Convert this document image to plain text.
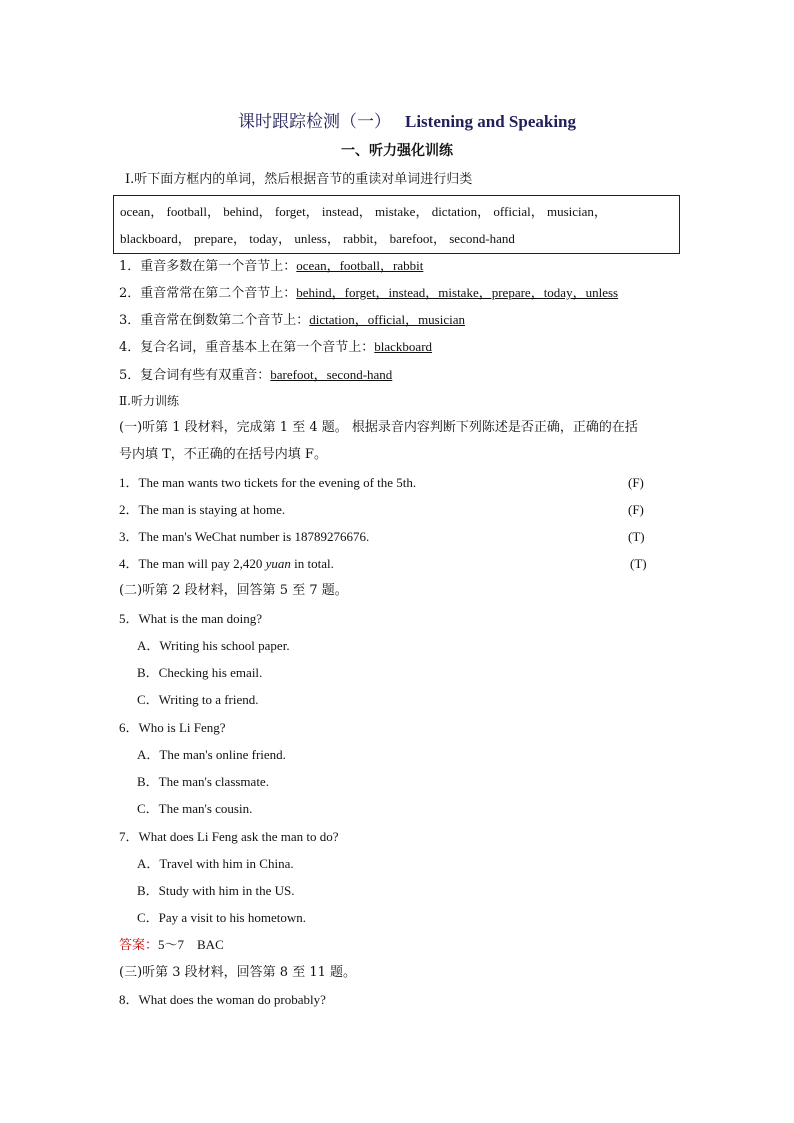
课时跟踪检测（一） Listening and Speaking
一、听力强化训练
Ⅰ.听下面方框内的单词，然后根据音节的重读对单词进行归类
ocean， football， behind， forget， instead， mistake， dictation， official， musician，
blackboard， prepare， today， unless， rabbit， barefoot， second-hand
1．重音多数在第一个音节上：ocean，football，rabbit
2．重音常常在第二个音节上：behind，forget，instead，mistake，prepare，today，unless
3．重音常在倒数第二个音节上：dictation，official，musician
4．复合名词，重音基本上在第一个音节上：blackboard
5．复合词有些有双重音：barefoot，second-hand
Ⅱ.听力训练
(一)听第 1 段材料，完成第 1 至 4 题。 根据录音内容判断下列陈述是否正确，正确的在括
号内填 T，不正确的在括号内填 F。
1．The man wants two tickets for the evening of the 5th.	(F)
2．The man is staying at home.	(F)
3．The man's WeChat number is 18789276676.	(T)
4．The man will pay 2,420 yuan in total.	(T)
(二)听第 2 段材料，回答第 5 至 7 题。
5．What is the man doing?
A．Writing his school paper.
B．Checking his email.
C．Writing to a friend.
6．Who is Li Feng?
A．The man's online friend.
B．The man's classmate.
C．The man's cousin.
7．What does Li Feng ask the man to do?
A．Travel with him in China.
B．Study with him in the US.
C．Pay a visit to his hometown.
答案：5～7　BAC
(三)听第 3 段材料，回答第 8 至 11 题。
8．What does the woman do probably?
